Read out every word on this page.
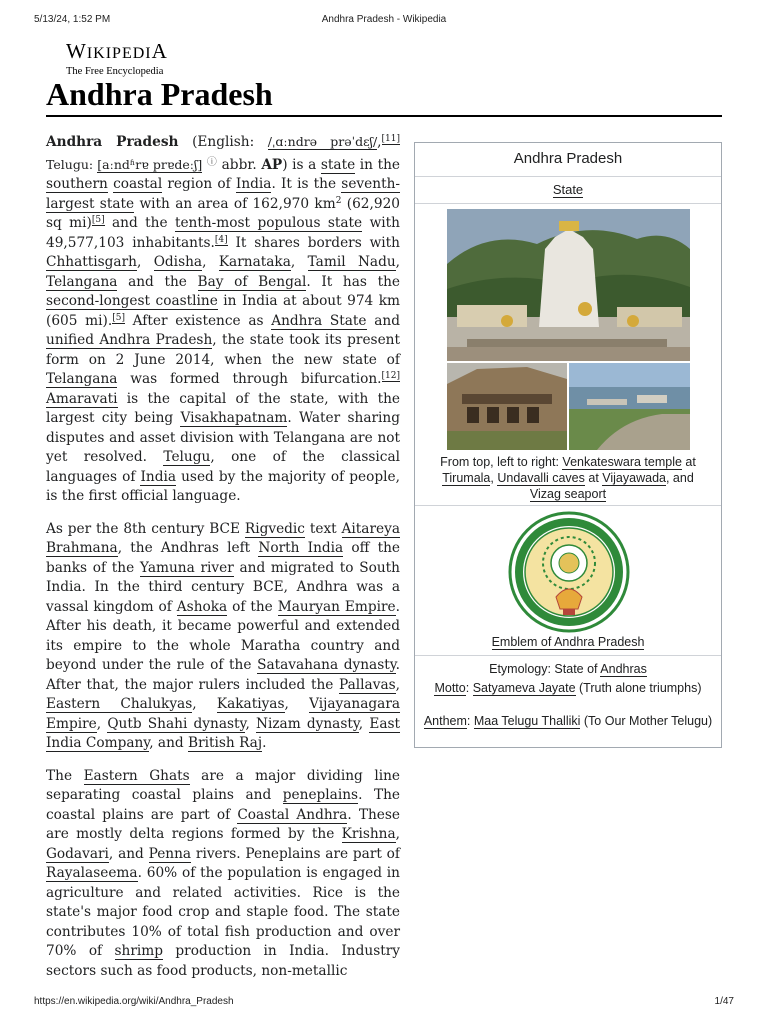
5/13/24, 1:52 PM	Andhra Pradesh - Wikipedia
WIKIPEDIA
The Free Encyclopedia
Andhra Pradesh

Andhra Pradesh (English: /ˌɑːndrə prəˈdɛʃ/,[11] Telugu: [aːndʱrɐ prɐdeːʃ] ⓘ abbr. AP) is a state in the southern coastal region of India. It is the seventh-largest state with an area of 162,970 $km^2$ (62,920 sq mi)[5] and the tenth-most populous state with 49,577,103 inhabitants.[4] It shares borders with Chhattisgarh, Odisha, Karnataka, Tamil Nadu, Telangana and the Bay of Bengal. It has the second-longest coastline in India at about 974 km (605 mi).[5] After existence as Andhra State and unified Andhra Pradesh, the state took its present form on 2 June 2014, when the new state of Telangana was formed through bifurcation.[12] Amaravati is the capital of the state, with the largest city being Visakhapatnam. Water sharing disputes and asset division with Telangana are not yet resolved. Telugu, one of the classical languages of India used by the majority of people, is the first official language.

As per the 8th century BCE Rigvedic text Aitareya Brahmana, the Andhras left North India off the banks of the Yamuna river and migrated to South India. In the third century BCE, Andhra was a vassal kingdom of Ashoka of the Mauryan Empire. After his death, it became powerful and extended its empire to the whole Maratha country and beyond under the rule of the Satavahana dynasty. After that, the major rulers included the Pallavas, Eastern Chalukyas, Kakatiyas, Vijayanagara Empire, Qutb Shahi dynasty, Nizam dynasty, East India Company, and British Raj.

The Eastern Ghats are a major dividing line separating coastal plains and peneplains. The coastal plains are part of Coastal Andhra. These are mostly delta regions formed by the Krishna, Godavari, and Penna rivers. Peneplains are part of Rayalaseema. 60% of the population is engaged in agriculture and related activities. Rice is the state's major food crop and staple food. The state contributes 10% of total fish production and over 70% of shrimp production in India. Industry sectors such as food products, non-metallic

Andhra Pradesh
State
From top, left to right: Venkateswara temple at Tirumala, Undavalli caves at Vijayawada, and Vizag seaport
Emblem of Andhra Pradesh
Etymology: State of Andhras
Motto: Satyameva Jayate (Truth alone triumphs)
Anthem: Maa Telugu Thalliki (To Our Mother Telugu)
https://en.wikipedia.org/wiki/Andhra_Pradesh	1/47
